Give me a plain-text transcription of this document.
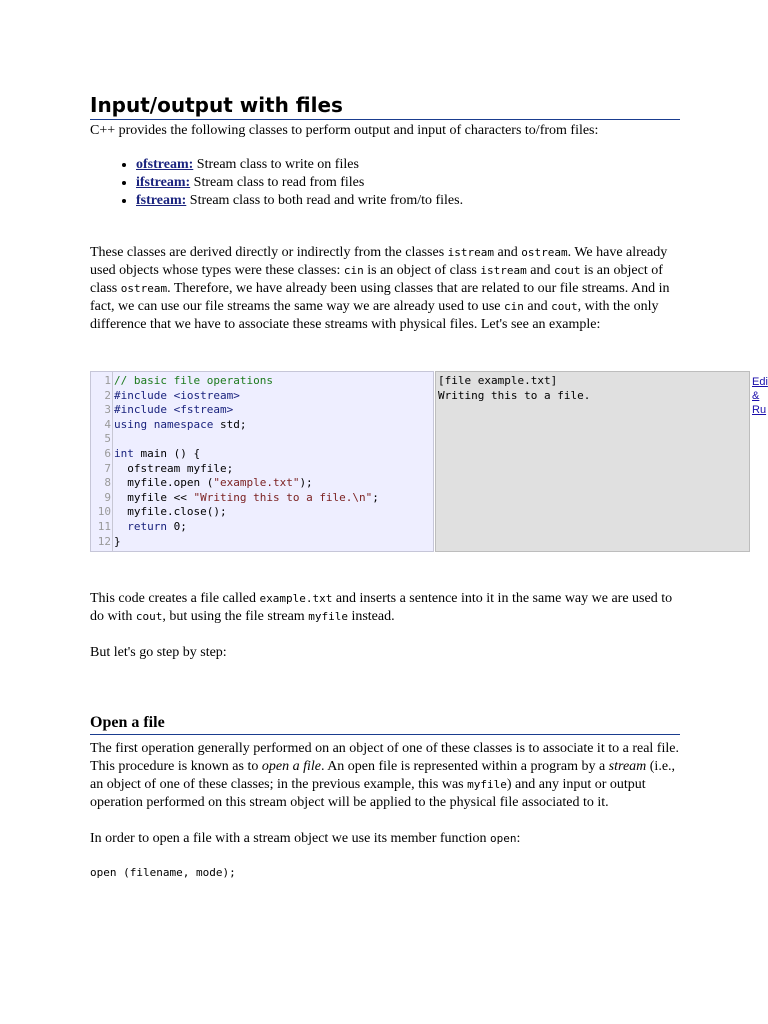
Input/output with files

C++ provides the following classes to perform output and input of characters to/from files:

• ofstream: Stream class to write on files
• ifstream: Stream class to read from files
• fstream: Stream class to both read and write from/to files.

These classes are derived directly or indirectly from the classes istream and ostream. We have already used objects whose types were these classes: cin is an object of class istream and cout is an object of class ostream. Therefore, we have already been using classes that are related to our file streams. And in fact, we can use our file streams the same way we are already used to use cin and cout, with the only difference that we have to associate these streams with physical files. Let's see an example:

1
2
3
4
5
6
7
8
9
10
11
12
// basic file operations
#include <iostream>
#include <fstream>
using namespace std;
int main () {
ofstream myfile;
myfile.open ("example.txt");
myfile << "Writing this to a file.\n";
myfile.close();
return 0;
}
[file example.txt]
Writing this to a file.
Edi
&
Ru

This code creates a file called example.txt and inserts a sentence into it in the same way we are used to do with cout, but using the file stream myfile instead.

But let's go step by step:

Open a file

The first operation generally performed on an object of one of these classes is to associate it to a real file. This procedure is known as to open a file. An open file is represented within a program by a stream (i.e., an object of one of these classes; in the previous example, this was myfile) and any input or output operation performed on this stream object will be applied to the physical file associated to it.

In order to open a file with a stream object we use its member function open:

open (filename, mode);
